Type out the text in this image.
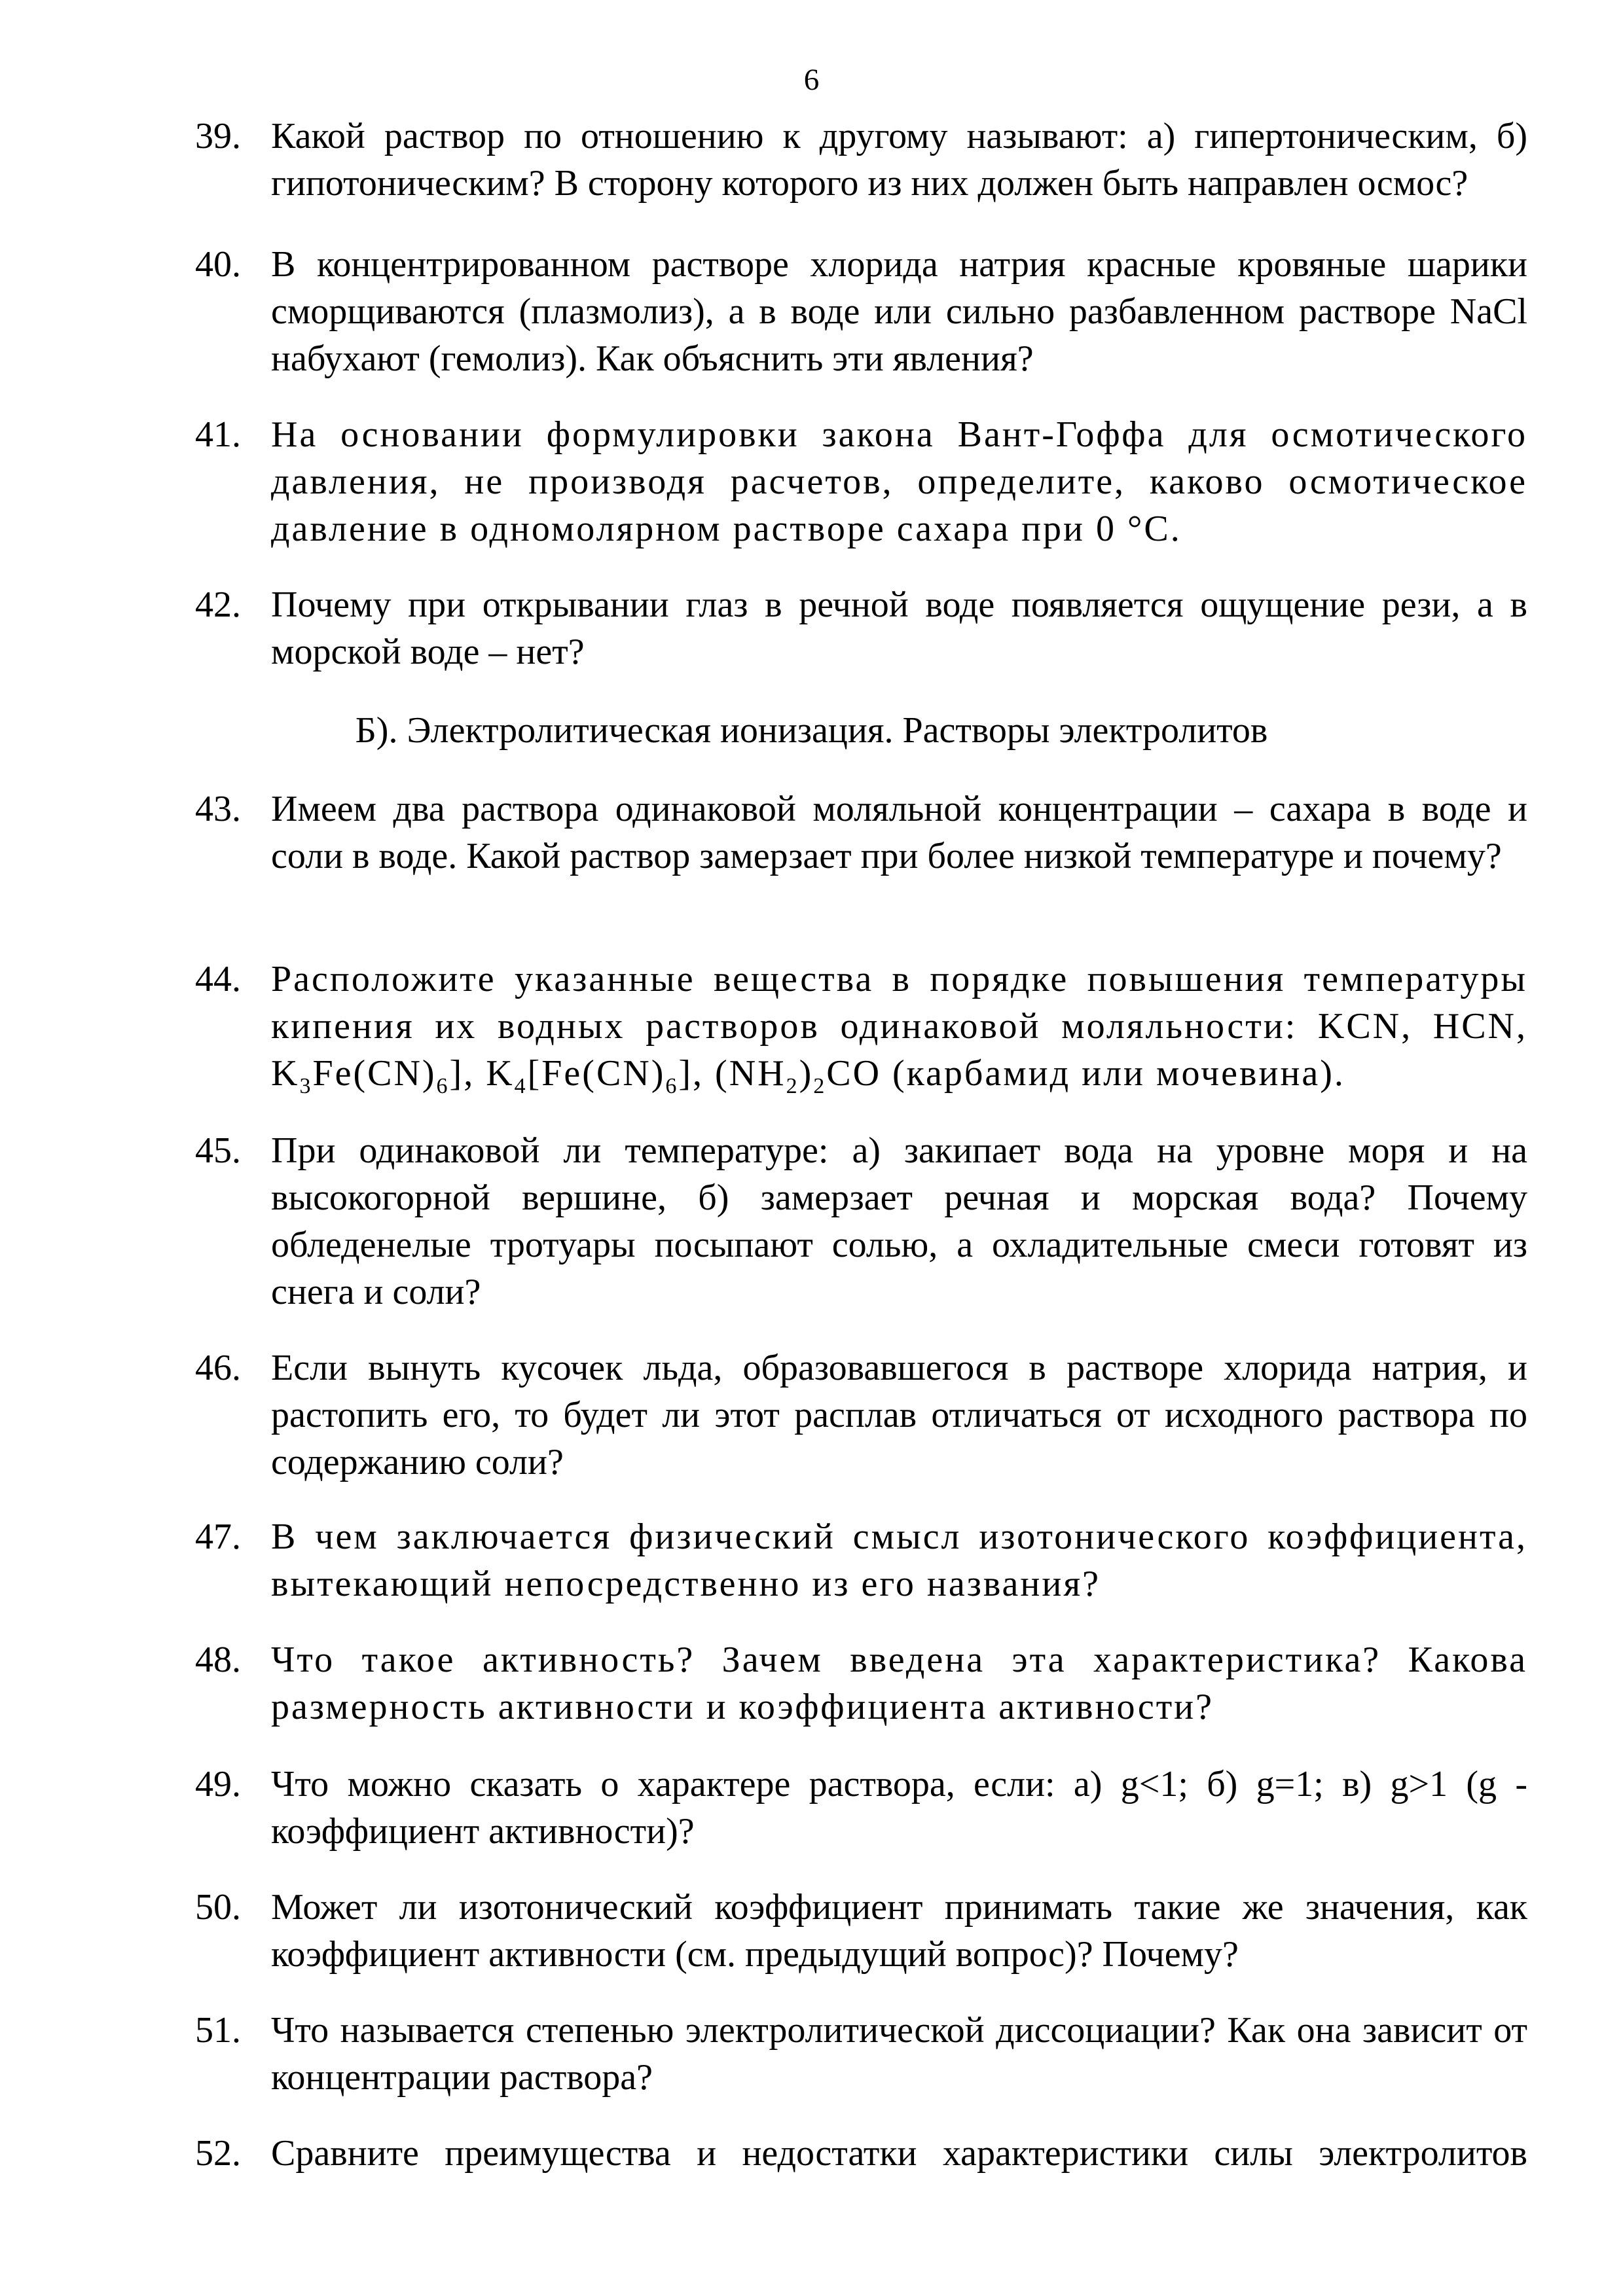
6
39. Какой раствор по отношению к другому называют: а) гипертоническим, б) гипотоническим? В сторону которого из них должен быть направлен осмос?
40. В концентрированном растворе хлорида натрия красные кровяные шарики сморщиваются (плазмолиз), а в воде или сильно разбавленном растворе NaCl набухают (гемолиз). Как объяснить эти явления?
41. На основании формулировки закона Вант-Гоффа для осмотического давления, не производя расчетов, определите, каково осмотическое давление в одномолярном растворе сахара при 0 °С.
42. Почему при открывании глаз в речной воде появляется ощущение рези, а в морской воде – нет?
Б). Электролитическая ионизация. Растворы электролитов
43. Имеем два раствора одинаковой моляльной концентрации – сахара в воде и соли в воде. Какой раствор замерзает при более низкой температуре и почему?
44. Расположите указанные вещества в порядке повышения температуры кипения их водных растворов одинаковой моляльности: KCN, HCN, $K_3Fe(CN)_6$], $K_4[Fe(CN)_6]$, $(NH_2)_2CO$ (карбамид или мочевина).
45. При одинаковой ли температуре: а) закипает вода на уровне моря и на высокогорной вершине, б) замерзает речная и морская вода? Почему обледенелые тротуары посыпают солью, а охладительные смеси готовят из снега и соли?
46. Если вынуть кусочек льда, образовавшегося в растворе хлорида натрия, и растопить его, то будет ли этот расплав отличаться от исходного раствора по содержанию соли?
47. В чем заключается физический смысл изотонического коэффициента, вытекающий непосредственно из его названия?
48. Что такое активность? Зачем введена эта характеристика? Какова размерность активности и коэффициента активности?
49. Что можно сказать о характере раствора, если: а) g<1; б) g=1; в) g>1 (g - коэффициент активности)?
50. Может ли изотонический коэффициент принимать такие же значения, как коэффициент активности (см. предыдущий вопрос)? Почему?
51. Что называется степенью электролитической диссоциации? Как она зависит от концентрации раствора?
52. Сравните преимущества и недостатки характеристики силы электролитов
